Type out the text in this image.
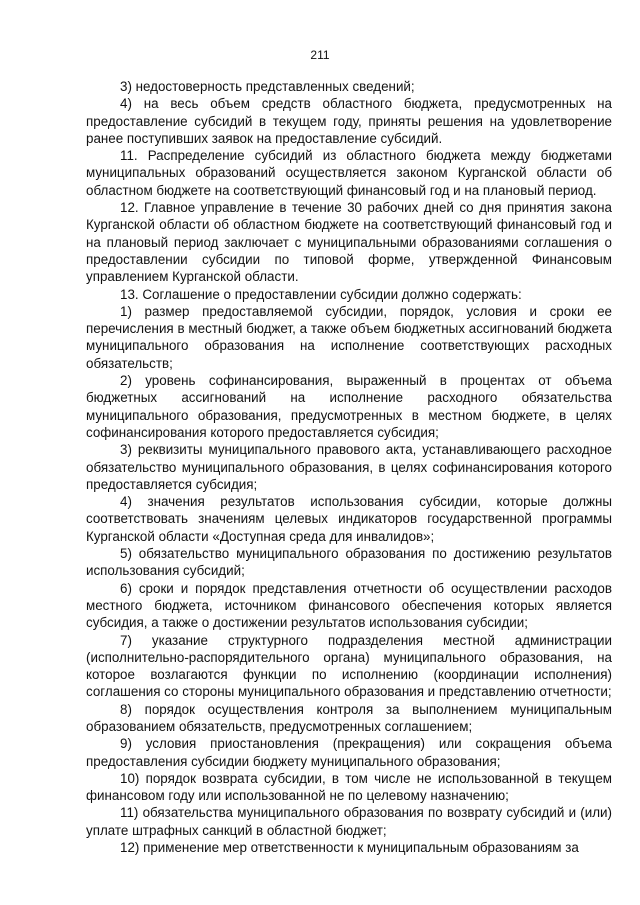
211

3) недостоверность представленных сведений;

4) на весь объем средств областного бюджета, предусмотренных на предоставление субсидий в текущем году, приняты решения на удовлетворение ранее поступивших заявок на предоставление субсидий.

11. Распределение субсидий из областного бюджета между бюджетами муниципальных образований осуществляется законом Курганской области об областном бюджете на соответствующий финансовый год и на плановый период.

12. Главное управление в течение 30 рабочих дней со дня принятия закона Курганской области об областном бюджете на соответствующий финансовый год и на плановый период заключает с муниципальными образованиями соглашения о предоставлении субсидии по типовой форме, утвержденной Финансовым управлением Курганской области.

13. Соглашение о предоставлении субсидии должно содержать:

1) размер предоставляемой субсидии, порядок, условия и сроки ее перечисления в местный бюджет, а также объем бюджетных ассигнований бюджета муниципального образования на исполнение соответствующих расходных обязательств;

2) уровень софинансирования, выраженный в процентах от объема бюджетных ассигнований на исполнение расходного обязательства муниципального образования, предусмотренных в местном бюджете, в целях софинансирования которого предоставляется субсидия;

3) реквизиты муниципального правового акта, устанавливающего расходное обязательство муниципального образования, в целях софинансирования которого предоставляется субсидия;

4) значения результатов использования субсидии, которые должны соответствовать значениям целевых индикаторов государственной программы Курганской области «Доступная среда для инвалидов»;

5) обязательство муниципального образования по достижению результатов использования субсидий;

6) сроки и порядок представления отчетности об осуществлении расходов местного бюджета, источником финансового обеспечения которых является субсидия, а также о достижении результатов использования субсидии;

7) указание структурного подразделения местной администрации (исполнительно-распорядительного органа) муниципального образования, на которое возлагаются функции по исполнению (координации исполнения) соглашения со стороны муниципального образования и представлению отчетности;

8) порядок осуществления контроля за выполнением муниципальным образованием обязательств, предусмотренных соглашением;

9) условия приостановления (прекращения) или сокращения объема предоставления субсидии бюджету муниципального образования;

10) порядок возврата субсидии, в том числе не использованной в текущем финансовом году или использованной не по целевому назначению;

11) обязательства муниципального образования по возврату субсидий и (или) уплате штрафных санкций в областной бюджет;

12) применение мер ответственности к муниципальным образованиям за
